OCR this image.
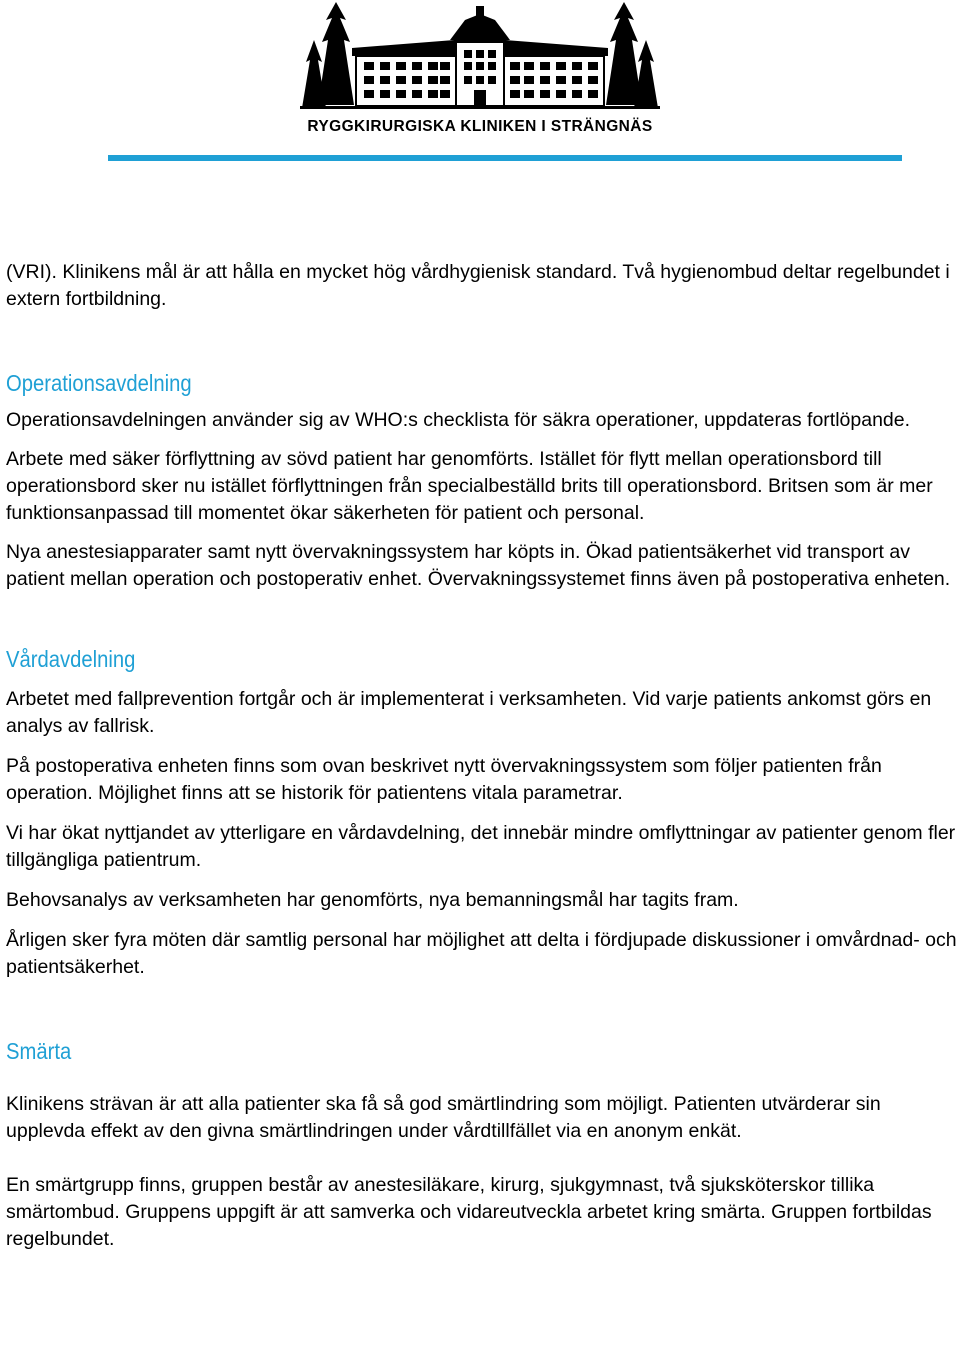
RYGGKIRURGISKA KLINIKEN I STRÄNGNÄS

(VRI). Klinikens mål är att hålla en mycket hög vårdhygienisk standard. Två hygienombud deltar regelbundet i extern fortbildning.

Operationsavdelning

Operationsavdelningen använder sig av WHO:s checklista för säkra operationer, uppdateras fortlöpande.

Arbete med säker förflyttning av sövd patient har genomförts. Istället för flytt mellan operationsbord till operationsbord sker nu istället förflyttningen från specialbeställd brits till operationsbord. Britsen som är mer funktionsanpassad till momentet ökar säkerheten för patient och personal.

Nya anestesiapparater samt nytt övervakningssystem har köpts in. Ökad patientsäkerhet vid transport av patient mellan operation och postoperativ enhet. Övervakningssystemet finns även på postoperativa enheten.

Vårdavdelning

Arbetet med fallprevention fortgår och är implementerat i verksamheten. Vid varje patients ankomst görs en analys av fallrisk.

På postoperativa enheten finns som ovan beskrivet nytt övervakningssystem som följer patienten från operation. Möjlighet finns att se historik för patientens vitala parametrar.

Vi har ökat nyttjandet av ytterligare en vårdavdelning, det innebär mindre omflyttningar av patienter genom fler tillgängliga patientrum.

Behovsanalys av verksamheten har genomförts, nya bemanningsmål har tagits fram.

Årligen sker fyra möten där samtlig personal har möjlighet att delta i fördjupade diskussioner i omvårdnad- och patientsäkerhet.

Smärta

Klinikens strävan är att alla patienter ska få så god smärtlindring som möjligt. Patienten utvärderar sin upplevda effekt av den givna smärtlindringen under vårdtillfället via en anonym enkät.

En smärtgrupp finns, gruppen består av anestesiläkare, kirurg, sjukgymnast, två sjuksköterskor tillika smärtombud. Gruppens uppgift är att samverka och vidareutveckla arbetet kring smärta. Gruppen fortbildas regelbundet.
